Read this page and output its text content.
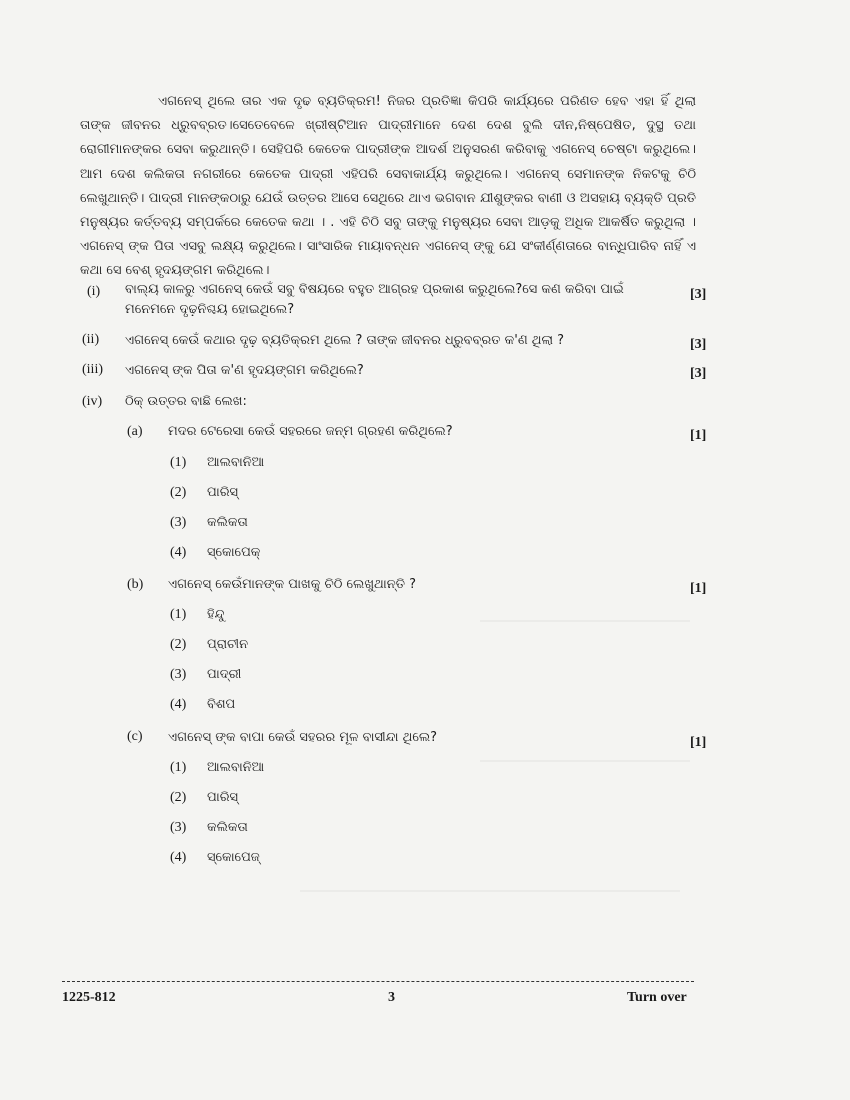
ଏଗନେସ୍ ଥିଲେ ତାର ଏକ ଦୃଢ ବ୍ୟତିକ୍ରମ! ନିଜର ପ୍ରତିଜ୍ଞା କିପରି କାର୍ଯ୍ୟରେ ପରିଣତ ହେବ ଏହା ହିଁ ଥିଲା ତାଙ୍କ ଜୀବନର ଧ୍ରୁବବ୍ରତ।ସେତେବେଳେ ଖ୍ରୀଷ୍ଟିଆନ ପାଦ୍ରୀମାନେ ଦେଶ ଦେଶ ବୁଲି ଦୀନ,ନିଷ୍ପେଷିତ, ଦୁସ୍ଥ ତଥା ରୋଗୀମାନଙ୍କର ସେବା କରୁଥାନ୍ତି। ସେହିପରି କେତେକ ପାଦ୍ରୀଙ୍କ ଆଦର୍ଶ ଅନୁସରଣ କରିବାକୁ ଏଗନେସ୍ ଚେଷ୍ଟା କରୁଥିଲେ। ଆମ ଦେଶ କଲିକତା ନଗରୀରେ କେତେକ ପାଦ୍ରୀ ଏହିପରି ସେବାକାର୍ଯ୍ୟ କରୁଥିଲେ। ଏଗନେସ୍ ସେମାନଙ୍କ ନିକଟକୁ ଚିଠି ଲେଖୁଥାନ୍ତି। ପାଦ୍ରୀ ମାନଙ୍କଠାରୁ ଯେଉଁ ଉତ୍ତର ଆସେ ସେଥିରେ ଥାଏ ଭଗବାନ ଯୀଶୁଙ୍କର ବାଣୀ ଓ ଅସହାୟ ବ୍ୟକ୍ତି ପ୍ରତି ମନୁଷ୍ୟର କର୍ତ୍ତବ୍ୟ ସମ୍ପର୍କରେ କେତେକ କଥା । . ଏହି ଚିଠି ସବୁ ତାଙ୍କୁ ମନୁଷ୍ୟର ସେବା ଆଡ଼କୁ ଅଧିକ ଆକର୍ଷିତ କରୁଥିଲା ।ଏଗନେସ୍ ଙ୍କ ପିତା ଏସବୁ ଲକ୍ଷ୍ୟ କରୁଥିଲେ। ସାଂସାରିକ ମାୟାବନ୍ଧନ ଏଗନେସ୍ ଙ୍କୁ ଯେ ସଂକୀର୍ଣ୍ଣତାରେ ବାନ୍ଧିପାରିବ ନାହିଁ ଏ କଥା ସେ ବେଶ୍ ହୃଦୟଙ୍ଗମ କରିଥିଲେ।
(i) ବାଲ୍ୟ କାଳରୁ ଏଗନେସ୍ କେଉଁ ସବୁ ବିଷୟରେ ବହୁତ ଆଗ୍ରହ ପ୍ରକାଶ କରୁଥିଲେ?ସେ କଣ କରିବା ପାଇଁ
ମନେମନେ ଦୃଢ଼ନିଶ୍ଚୟ ହୋଇଥିଲେ?
[3]
(ii) ଏଗନେସ୍ କେଉଁ କଥାର ଦୃଢ଼ ବ୍ୟତିକ୍ରମ ଥିଲେ ? ତାଙ୍କ ଜୀବନର ଧ୍ରୁବବ୍ରତ କ'ଣ ଥିଲା ?	[3]
(iii) ଏଗନେସ୍ ଙ୍କ ପିତା କ'ଣ ହୃଦୟଙ୍ଗମ କରିଥିଲେ?	[3]
(iv) ଠିକ୍ ଉତ୍ତର ବାଛି ଲେଖ:
(a) ମଦର ଟେରେସା କେଉଁ ସହରରେ ଜନ୍ମ ଗ୍ରହଣ କରିଥିଲେ?	[1]
(1) ଆଲବାନିଆ
(2) ପାରିସ୍
(3) କଲିକତା
(4) ସ୍କୋପେକ୍
(b) ଏଗନେସ୍ କେଉଁମାନଙ୍କ ପାଖକୁ ଚିଠି ଲେଖୁଥାନ୍ତି ?	[1]
(1) ହିନ୍ଦୁ
(2) ପ୍ରାଚୀନ
(3) ପାଦ୍ରୀ
(4) ବିଶପ
(c) ଏଗନେସ୍ ଙ୍କ ବାପା କେଉଁ ସହରର ମୂଳ ବାସୀନ୍ଦା ଥିଲେ?	[1]
(1) ଆଲବାନିଆ
(2) ପାରିସ୍
(3) କଲିକତା
(4) ସ୍କୋପେଜ୍
1225-812	3	Turn over
